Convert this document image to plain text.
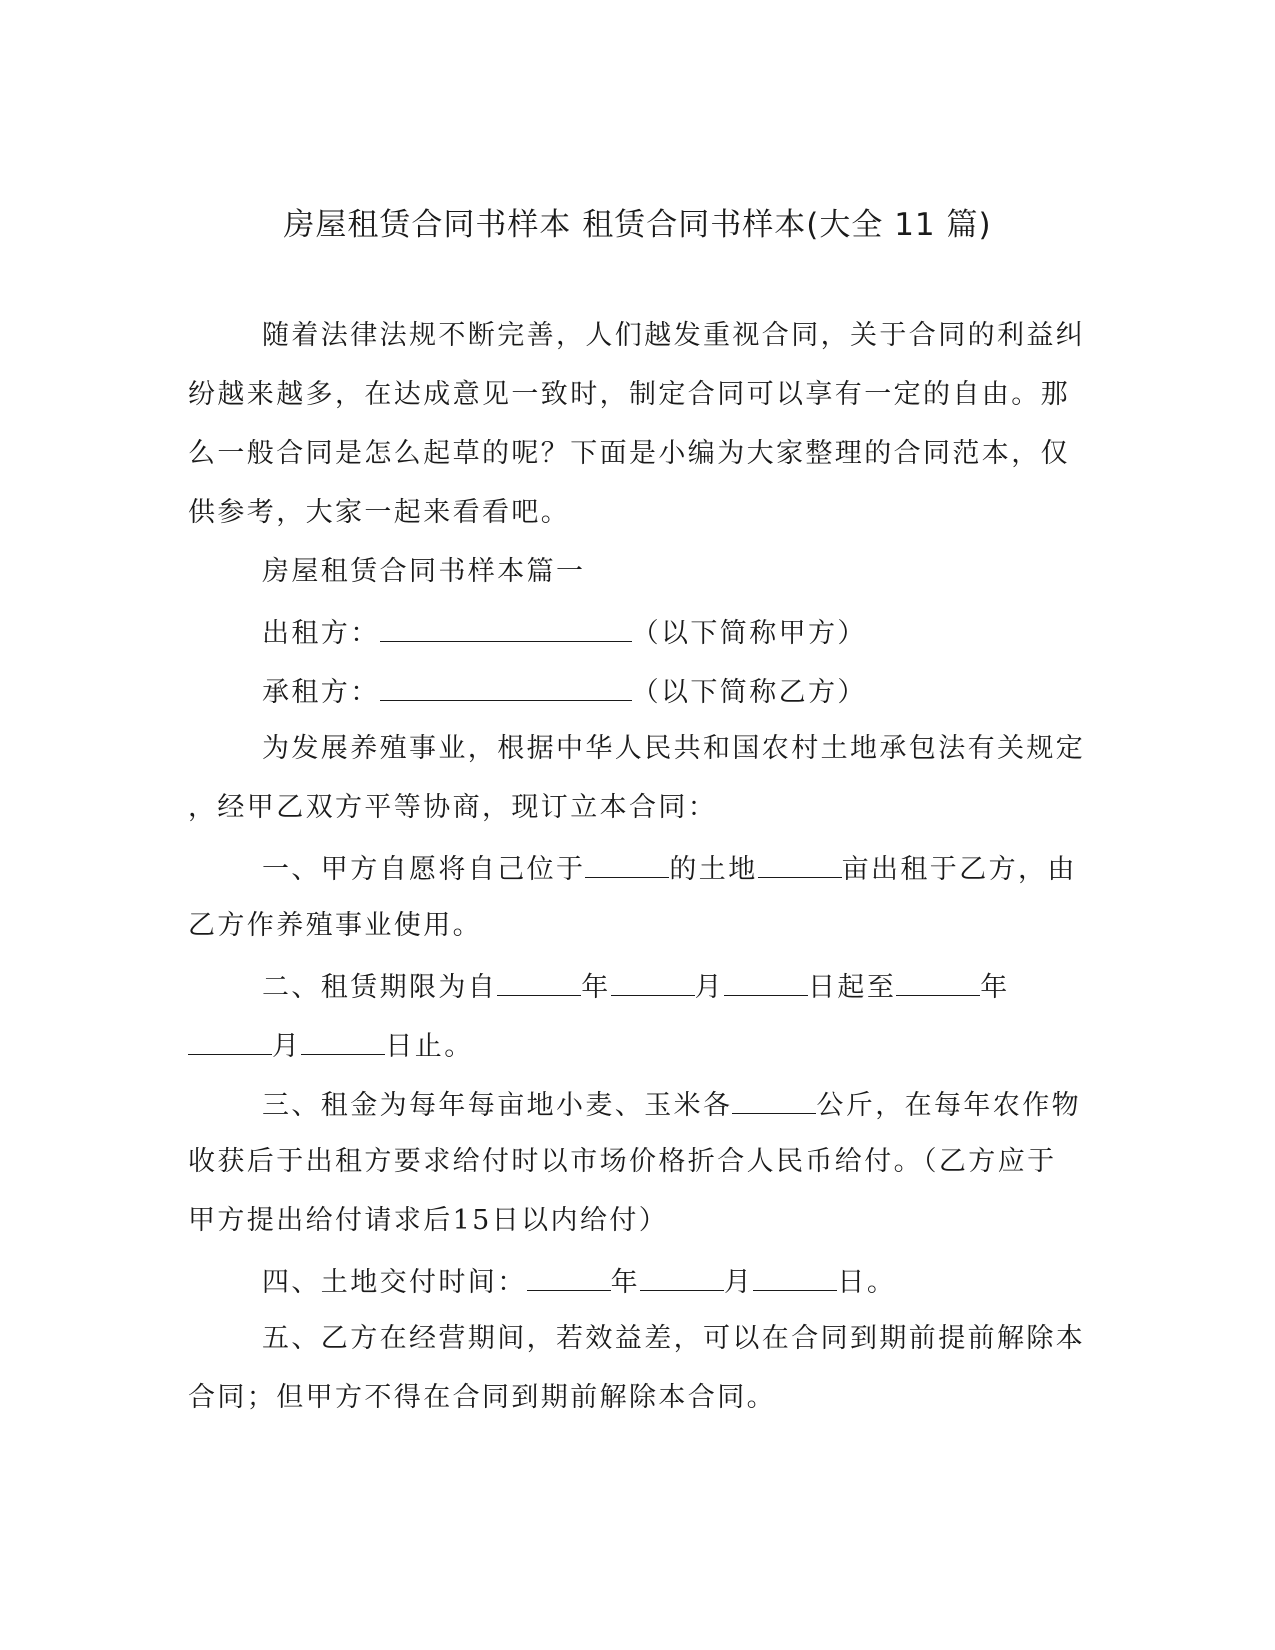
房屋租赁合同书样本 租赁合同书样本(大全 11 篇)
随着法律法规不断完善，人们越发重视合同，关于合同的利益纠
纷越来越多，在达成意见一致时，制定合同可以享有一定的自由。那
么一般合同是怎么起草的呢？下面是小编为大家整理的合同范本，仅
供参考，大家一起来看看吧。
房屋租赁合同书样本篇一
出租方：	（以下简称甲方）
承租方：	（以下简称乙方）
为发展养殖事业，根据中华人民共和国农村土地承包法有关规定
，经甲乙双方平等协商，现订立本合同：
一、甲方自愿将自己位于	的土地	亩出租于乙方，由
乙方作养殖事业使用。
二、租赁期限为自	年	月	日起至	年
月	日止。
三、租金为每年每亩地小麦、玉米各	公斤，在每年农作物
收获后于出租方要求给付时以市场价格折合人民币给付。（乙方应于
甲方提出给付请求后15日以内给付）
四、土地交付时间：	年	月	日。
五、乙方在经营期间，若效益差，可以在合同到期前提前解除本
合同；但甲方不得在合同到期前解除本合同。
